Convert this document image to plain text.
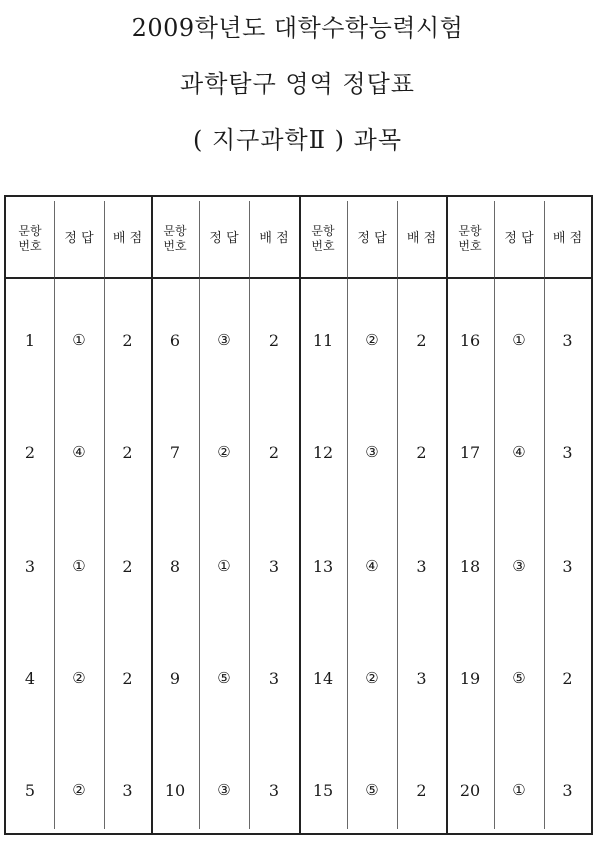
2009학년도 대학수학능력시험
과학탐구 영역 정답표
( 지구과학Ⅱ ) 과목
문항
번호	정 답	배 점
1	①	2
2	④	2
3	①	2
4	②	2
5	②	3
문항
번호	정 답	배 점
6	③	2
7	②	2
8	①	3
9	⑤	3
10	③	3
문항
번호	정 답	배 점
11	②	2
12	③	2
13	④	3
14	②	3
15	⑤	2
문항
번호	정 답	배 점
16	①	3
17	④	3
18	③	3
19	⑤	2
20	①	3
